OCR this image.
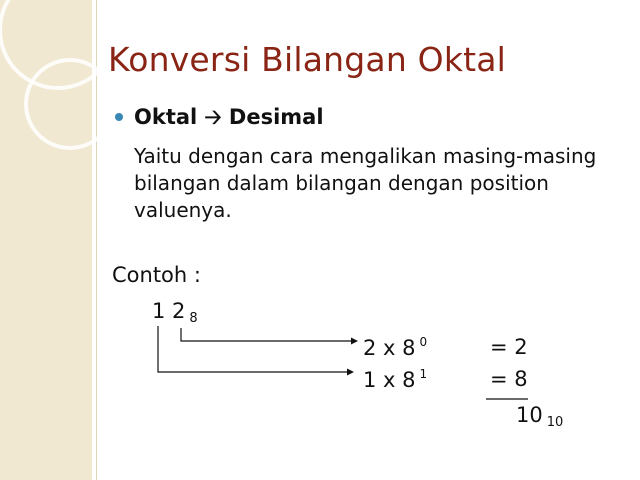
Konversi Bilangan Oktal
Oktal 🡢 Desimal
Yaitu dengan cara mengalikan masing-masing bilangan dalam bilangan dengan position valuenya.
Contoh :
1 2 $_8$
2 x 8 $^0$	= 2
1 x 8 $^1$	= 8
10 $_{10}$
